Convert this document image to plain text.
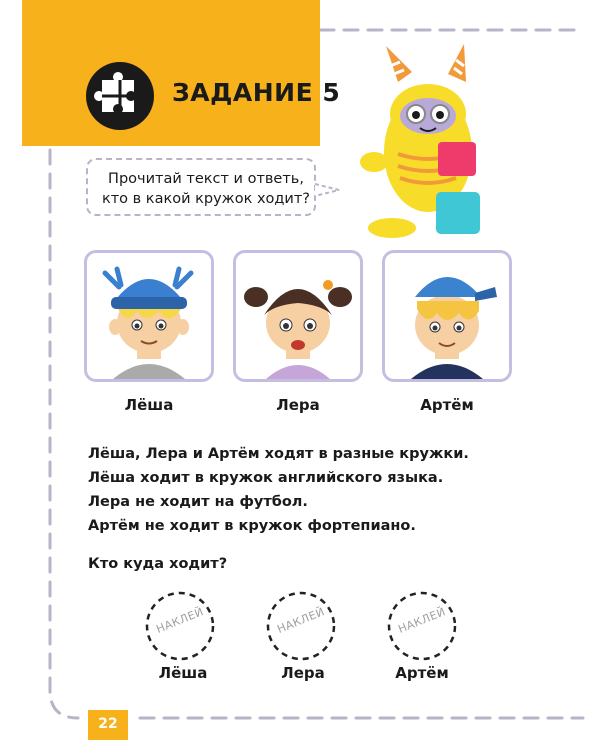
ЗАДАНИЕ 5
Прочитай текст и ответь, кто в какой кружок ходит?
Лёша	Лера	Артём
Лёша, Лера и Артём ходят в разные кружки.
Лёша ходит в кружок английского языка.
Лера не ходит на футбол.
Артём не ходит в кружок фортепиано.
Кто куда ходит?
НАКЛЕЙ	НАКЛЕЙ	НАКЛЕЙ
Лёша	Лера	Артём
22
